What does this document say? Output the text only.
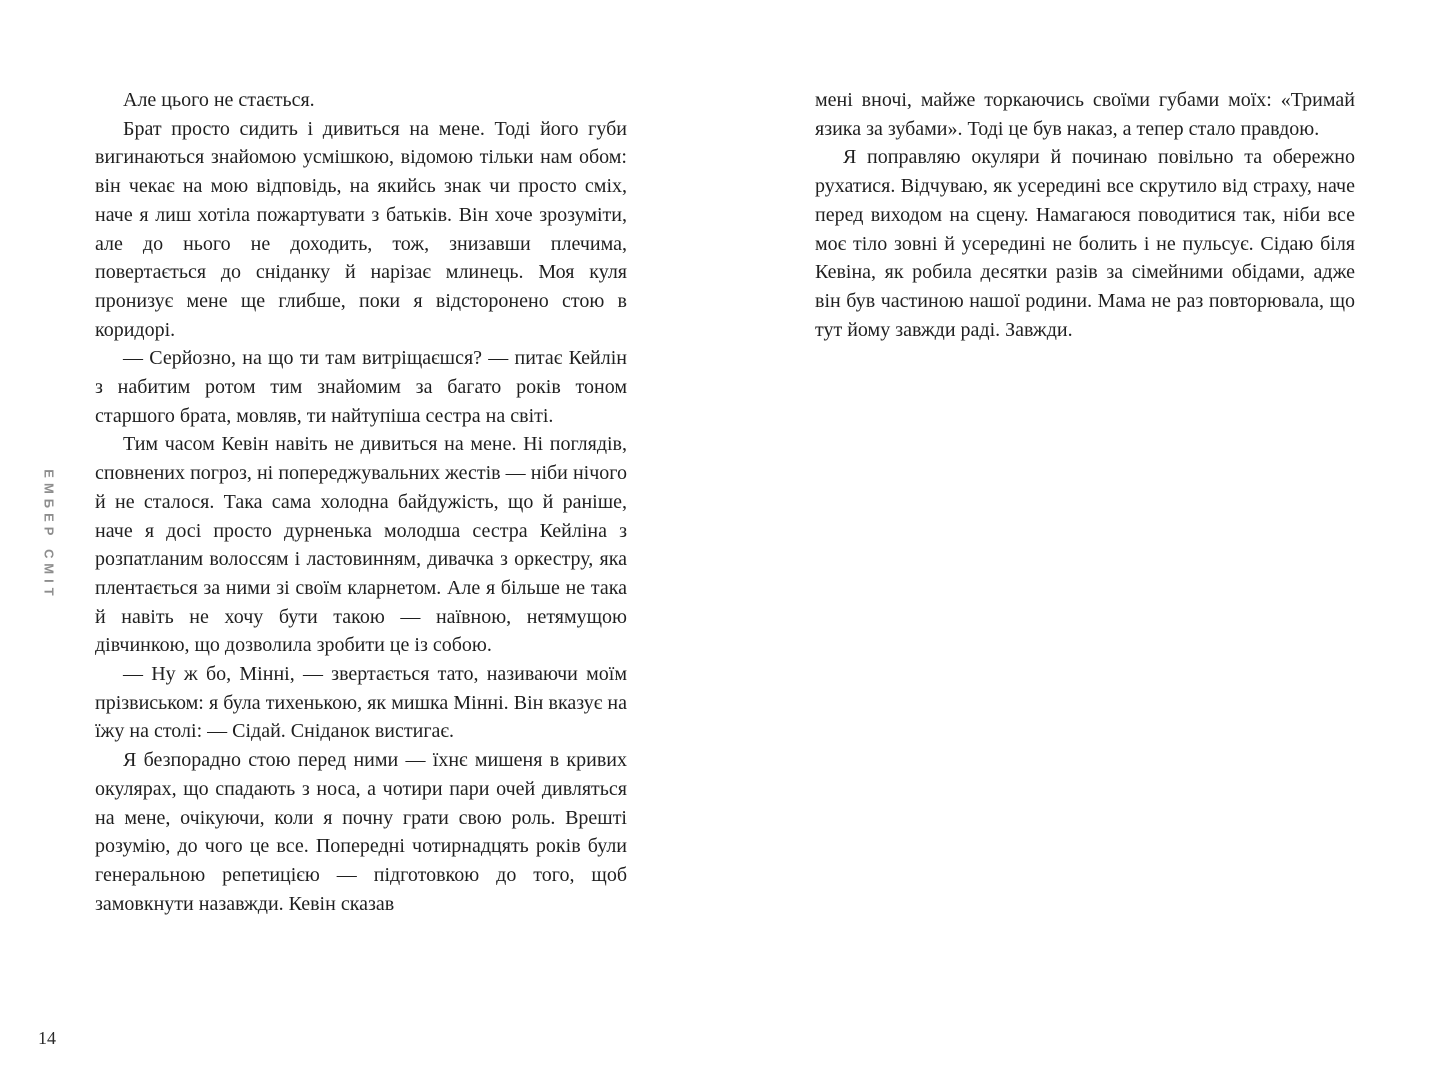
ЕМБЕР СМІТ

Але цього не стається.

Брат просто сидить і дивиться на мене. Тоді його губи вигинаються знайомою усмішкою, відомою тільки нам обом: він чекає на мою відповідь, на якийсь знак чи просто сміх, наче я лиш хотіла пожартувати з батьків. Він хоче зрозуміти, але до нього не доходить, тож, знизавши плечима, повертається до сніданку й нарізає млинець. Моя куля пронизує мене ще глибше, поки я відсторонено стою в коридорі.

— Серйозно, на що ти там витріщаєшся? — питає Кейлін з набитим ротом тим знайомим за багато років тоном старшого брата, мовляв, ти найтупіша сестра на світі.

Тим часом Кевін навіть не дивиться на мене. Ні поглядів, сповнених погроз, ні попереджувальних жестів — ніби нічого й не сталося. Така сама холодна байдужість, що й раніше, наче я досі просто дурненька молодша сестра Кейліна з розпатланим волоссям і ластовинням, дивачка з оркестру, яка плентається за ними зі своїм кларнетом. Але я більше не така й навіть не хочу бути такою — наївною, нетямущою дівчинкою, що дозволила зробити це із собою.

— Ну ж бо, Мінні, — звертається тато, називаючи моїм прізвиськом: я була тихенькою, як мишка Мінні. Він вказує на їжу на столі: — Сідай. Сніданок вистигає.

Я безпорадно стою перед ними — їхнє мишеня в кривих окулярах, що спадають з носа, а чотири пари очей дивляться на мене, очікуючи, коли я почну грати свою роль. Врешті розумію, до чого це все. Попередні чотирнадцять років були генеральною репетицією — підготовкою до того, щоб замовкнути назавжди. Кевін сказав

мені вночі, майже торкаючись своїми губами моїх: «Тримай язика за зубами». Тоді це був наказ, а тепер стало правдою.

Я поправляю окуляри й починаю повільно та обережно рухатися. Відчуваю, як усередині все скрутило від страху, наче перед виходом на сцену. Намагаюся поводитися так, ніби все моє тіло зовні й усередині не болить і не пульсує. Сідаю біля Кевіна, як робила десятки разів за сімейними обідами, адже він був частиною нашої родини. Мама не раз повторювала, що тут йому завжди раді. Завжди.

14
